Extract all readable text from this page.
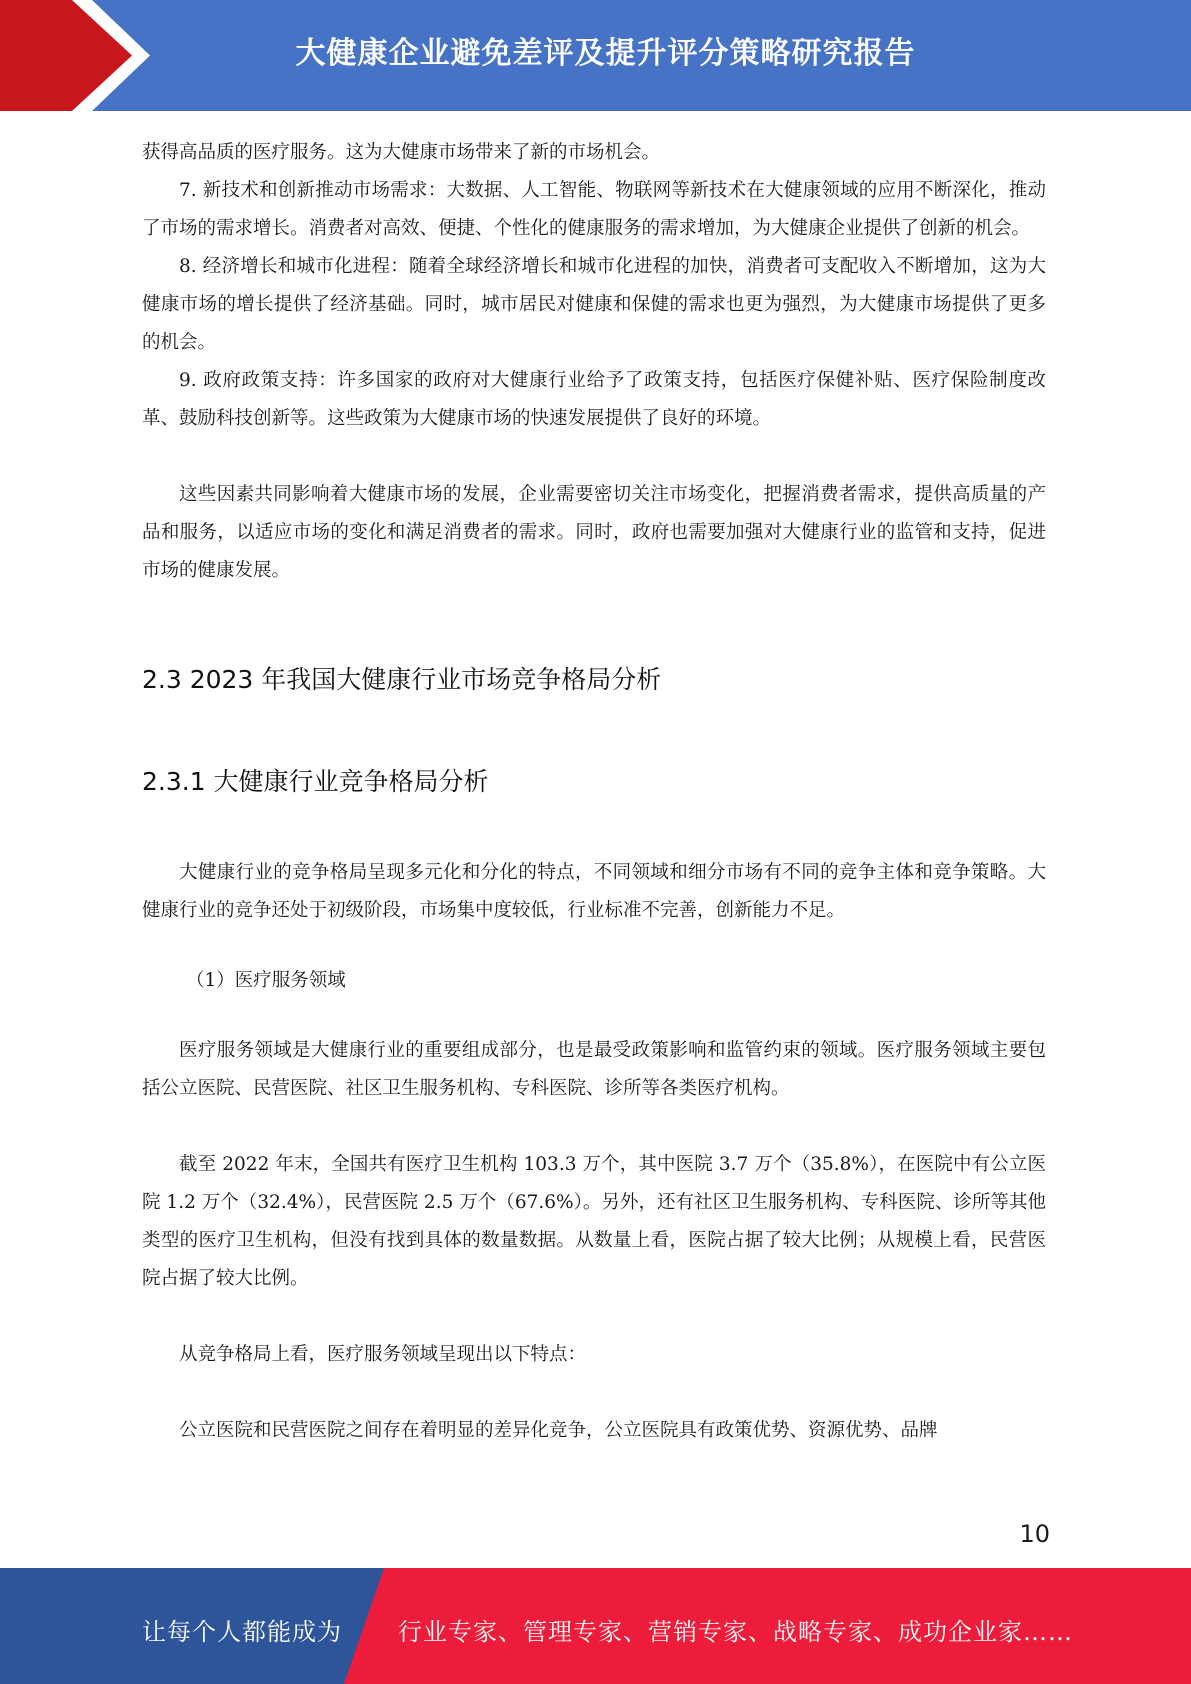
大健康企业避免差评及提升评分策略研究报告

获得高品质的医疗服务。这为大健康市场带来了新的市场机会。

7. 新技术和创新推动市场需求：大数据、人工智能、物联网等新技术在大健康领域的应用不断深化，推动了市场的需求增长。消费者对高效、便捷、个性化的健康服务的需求增加，为大健康企业提供了创新的机会。

8. 经济增长和城市化进程：随着全球经济增长和城市化进程的加快，消费者可支配收入不断增加，这为大健康市场的增长提供了经济基础。同时，城市居民对健康和保健的需求也更为强烈，为大健康市场提供了更多的机会。

9. 政府政策支持：许多国家的政府对大健康行业给予了政策支持，包括医疗保健补贴、医疗保险制度改革、鼓励科技创新等。这些政策为大健康市场的快速发展提供了良好的环境。

这些因素共同影响着大健康市场的发展，企业需要密切关注市场变化，把握消费者需求，提供高质量的产品和服务，以适应市场的变化和满足消费者的需求。同时，政府也需要加强对大健康行业的监管和支持，促进市场的健康发展。

2.3 2023 年我国大健康行业市场竞争格局分析
2.3.1 大健康行业竞争格局分析

大健康行业的竞争格局呈现多元化和分化的特点，不同领域和细分市场有不同的竞争主体和竞争策略。大健康行业的竞争还处于初级阶段，市场集中度较低，行业标准不完善，创新能力不足。

（1）医疗服务领域

医疗服务领域是大健康行业的重要组成部分，也是最受政策影响和监管约束的领域。医疗服务领域主要包括公立医院、民营医院、社区卫生服务机构、专科医院、诊所等各类医疗机构。

截至 2022 年末，全国共有医疗卫生机构 103.3 万个，其中医院 3.7 万个（35.8%），在医院中有公立医院 1.2 万个（32.4%），民营医院 2.5 万个（67.6%）。另外，还有社区卫生服务机构、专科医院、诊所等其他类型的医疗卫生机构，但没有找到具体的数量数据。从数量上看，医院占据了较大比例；从规模上看，民营医院占据了较大比例。

从竞争格局上看，医疗服务领域呈现出以下特点：

公立医院和民营医院之间存在着明显的差异化竞争，公立医院具有政策优势、资源优势、品牌

10
让每个人都能成为 行业专家、管理专家、营销专家、战略专家、成功企业家……
